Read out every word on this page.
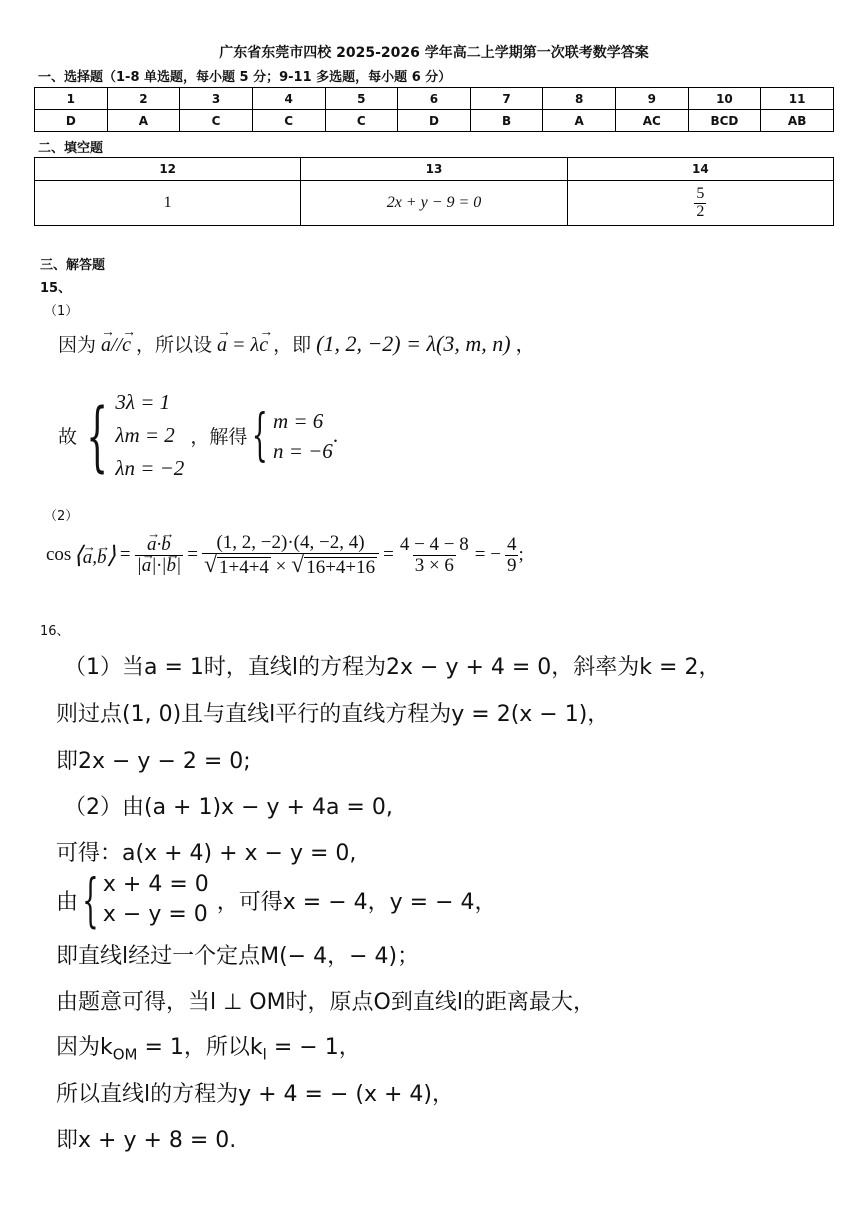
广东省东莞市四校 2025-2026 学年高二上学期第一次联考数学答案
一、选择题（1-8 单选题，每小题 5 分；9-11 多选题，每小题 6 分）
1	2	3	4	5	6	7	8	9	10	11
D	A	C	C	C	D	B	A	AC	BCD	AB
二、填空题
12	13	14
1	2x + y − 9 = 0	$\frac{5}{2}$
三、解答题
15、
（1）
因为 → a//→ c ，所以设 → a = λ→ c ，即 (1, 2, −2) = λ(3, m, n) ，
故 { 3λ = 1
λm = 2
λn = −2
，解得 { m = 6
n = −6
.
（2）
cos ⟨→ a,→ b⟩ = → $\frac{a\cdot\to b}{|\to a|\cdot|\to b|} = \frac{(1, 2, -2)\cdot(4, -2, 4)}{√ 1+4+4 \times √ 16+4+16} = \frac{4 - 4 - 8}{3 \times 6}$ = − $\frac{4}{9}$ ;
16、
（1）当a = 1时，直线l的方程为2x − y + 4 = 0，斜率为k = 2，
则过点(1, 0)且与直线l平行的直线方程为y = 2(x − 1)，
即2x − y − 2 = 0;
（2）由(a + 1)x − y + 4a = 0,
可得：a(x + 4) + x − y = 0,
由 { x + 4 = 0
x − y = 0 ，可得x = − 4，y = − 4，
即直线l经过一个定点M(− 4，− 4)；
由题意可得，当l ⊥ OM时，原点O到直线l的距离最大，
因为$k_{OM} = 1$，所以$k_l$ = − 1，
所以直线l的方程为y + 4 = − (x + 4)，
即x + y + 8 = 0.
